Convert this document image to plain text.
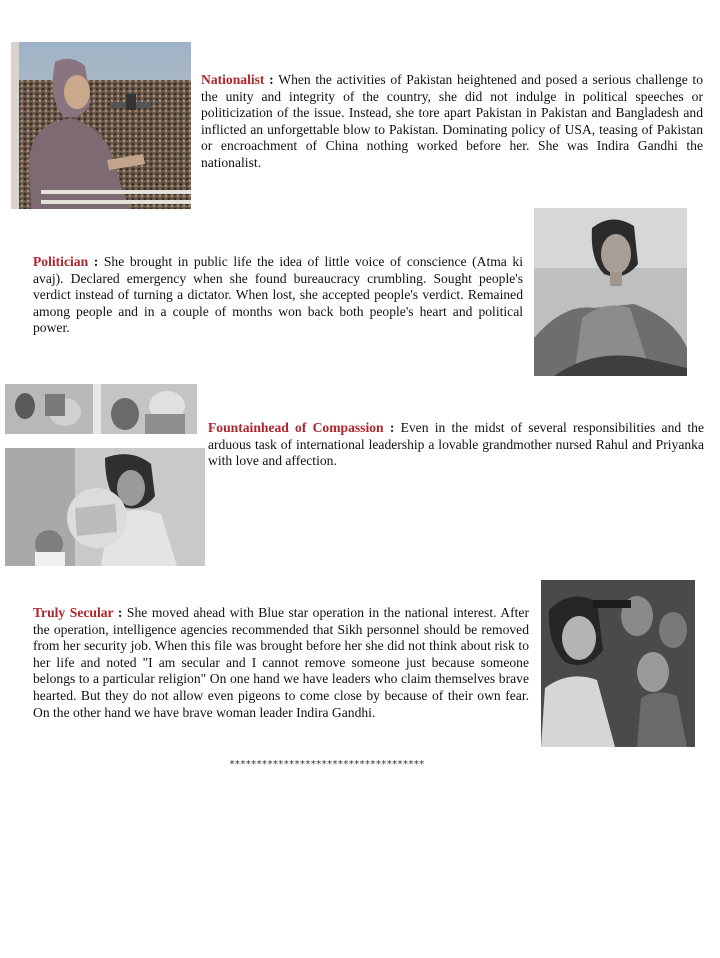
Nationalist : When the activities of Pakistan heightened and posed a serious challenge to the unity and integrity of the country, she did not indulge in political speeches or politicization of the issue. Instead, she tore apart Pakistan in Pakistan and Bangladesh and inflicted an unforgettable blow to Pakistan. Dominating policy of USA, teasing of Pakistan or encroachment of China nothing worked before her. She was Indira Gandhi the nationalist.

Politician : She brought in public life the idea of little voice of conscience (Atma ki avaj). Declared emergency when she found bureaucracy crumbling. Sought people's verdict instead of turning a dictator. When lost, she accepted people's verdict. Remained among people and in a couple of months won back both people's heart and political power.

Fountainhead of Compassion : Even in the midst of several responsibilities and the arduous task of international leadership a lovable grandmother nursed Rahul and Priyanka with love and affection.

Truly Secular : She moved ahead with Blue star operation in the national interest. After the operation, intelligence agencies recommended that Sikh personnel should be removed from her security job. When this file was brought before her she did not think about risk to her life and noted "I am secular and I cannot remove someone just because someone belongs to a particular religion" On one hand we have leaders who claim themselves brave hearted. But they do not allow even pigeons to come close by because of their own fear. On the other hand we have brave woman leader Indira Gandhi.

************************************
